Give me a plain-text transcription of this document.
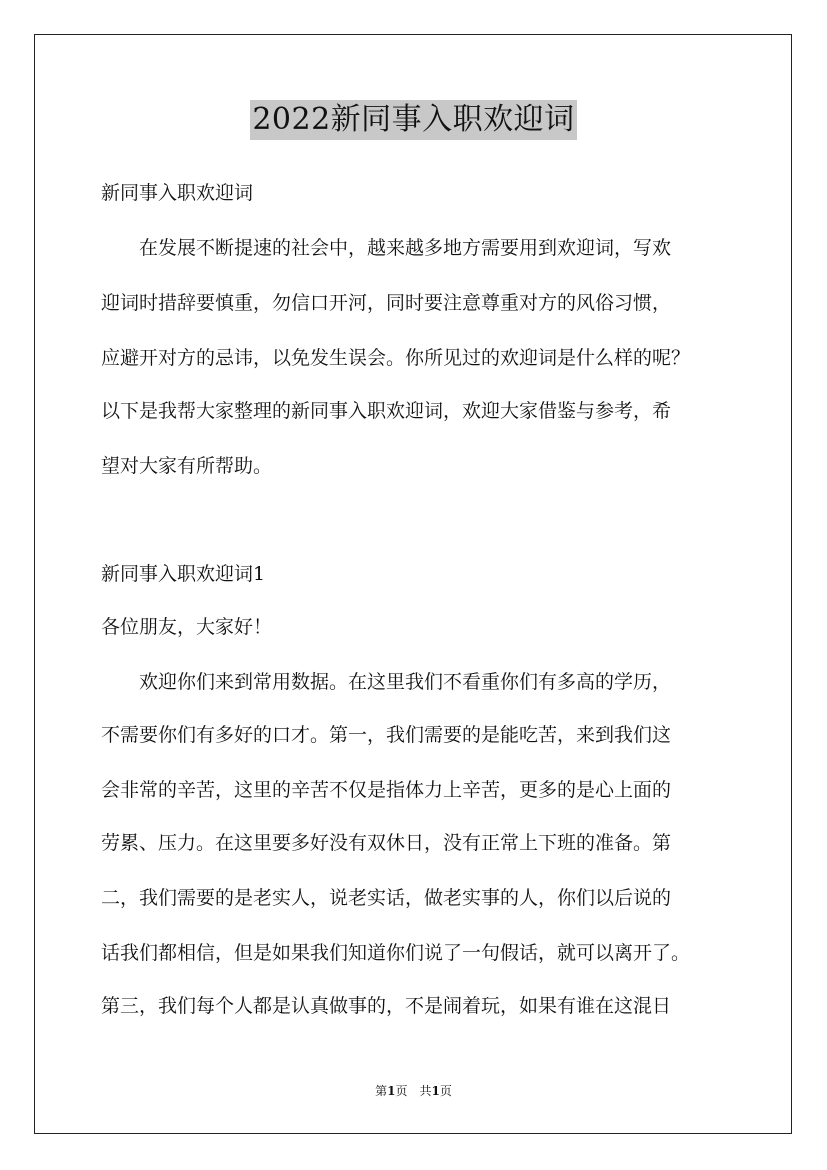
2022新同事入职欢迎词
新同事入职欢迎词
　　在发展不断提速的社会中，越来越多地方需要用到欢迎词，写欢
迎词时措辞要慎重，勿信口开河，同时要注意尊重对方的风俗习惯，
应避开对方的忌讳，以免发生误会。你所见过的欢迎词是什么样的呢？
以下是我帮大家整理的新同事入职欢迎词，欢迎大家借鉴与参考，希
望对大家有所帮助。
新同事入职欢迎词1
各位朋友，大家好！
　　欢迎你们来到常用数据。在这里我们不看重你们有多高的学历，
不需要你们有多好的口才。第一，我们需要的是能吃苦，来到我们这
会非常的辛苦，这里的辛苦不仅是指体力上辛苦，更多的是心上面的
劳累、压力。在这里要多好没有双休日，没有正常上下班的准备。第
二，我们需要的是老实人，说老实话，做老实事的人，你们以后说的
话我们都相信，但是如果我们知道你们说了一句假话，就可以离开了。
第三，我们每个人都是认真做事的，不是闹着玩，如果有谁在这混日
第1页　共1页
